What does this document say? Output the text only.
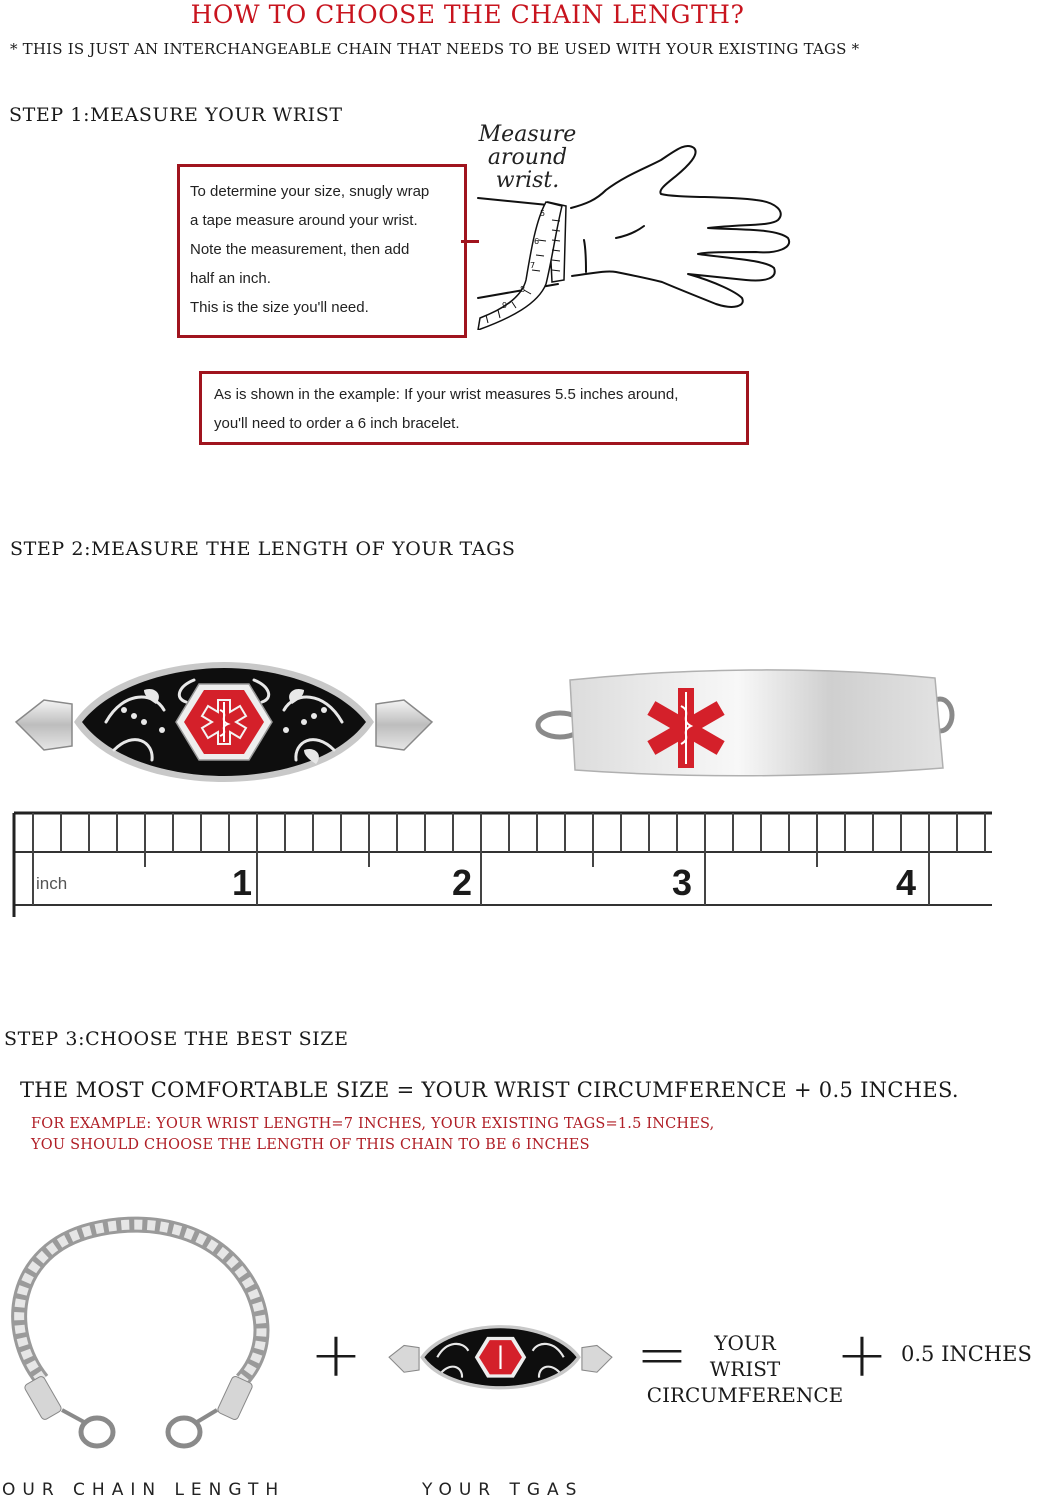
HOW TO CHOOSE THE CHAIN LENGTH?
* THIS IS JUST AN INTERCHANGEABLE CHAIN THAT NEEDS TO BE USED WITH YOUR EXISTING TAGS *
STEP 1:MEASURE YOUR WRIST

To determine your size, snugly wrap

a tape measure around your wrist.

Note the measurement, then add

half an inch.

This is the size you'll need.

Measure
around
wrist.
5
6
7
8
9

As is shown in the example: If your wrist measures 5.5 inches around,

you'll need to order a 6 inch bracelet.

STEP 2:MEASURE THE LENGTH OF YOUR TAGS
inch	1	2	3	4
STEP 3:CHOOSE THE BEST SIZE
THE MOST COMFORTABLE SIZE = YOUR WRIST CIRCUMFERENCE + 0.5 INCHES.
FOR EXAMPLE: YOUR WRIST LENGTH=7 INCHES, YOUR EXISTING TAGS=1.5 INCHES,
YOU SHOULD CHOOSE THE LENGTH OF THIS CHAIN TO BE 6 INCHES
+	=	YOUR
WRIST
CIRCUMFERENCE
+ 0.5 INCHES
OUR CHAIN LENGTH	YOUR TGAS
